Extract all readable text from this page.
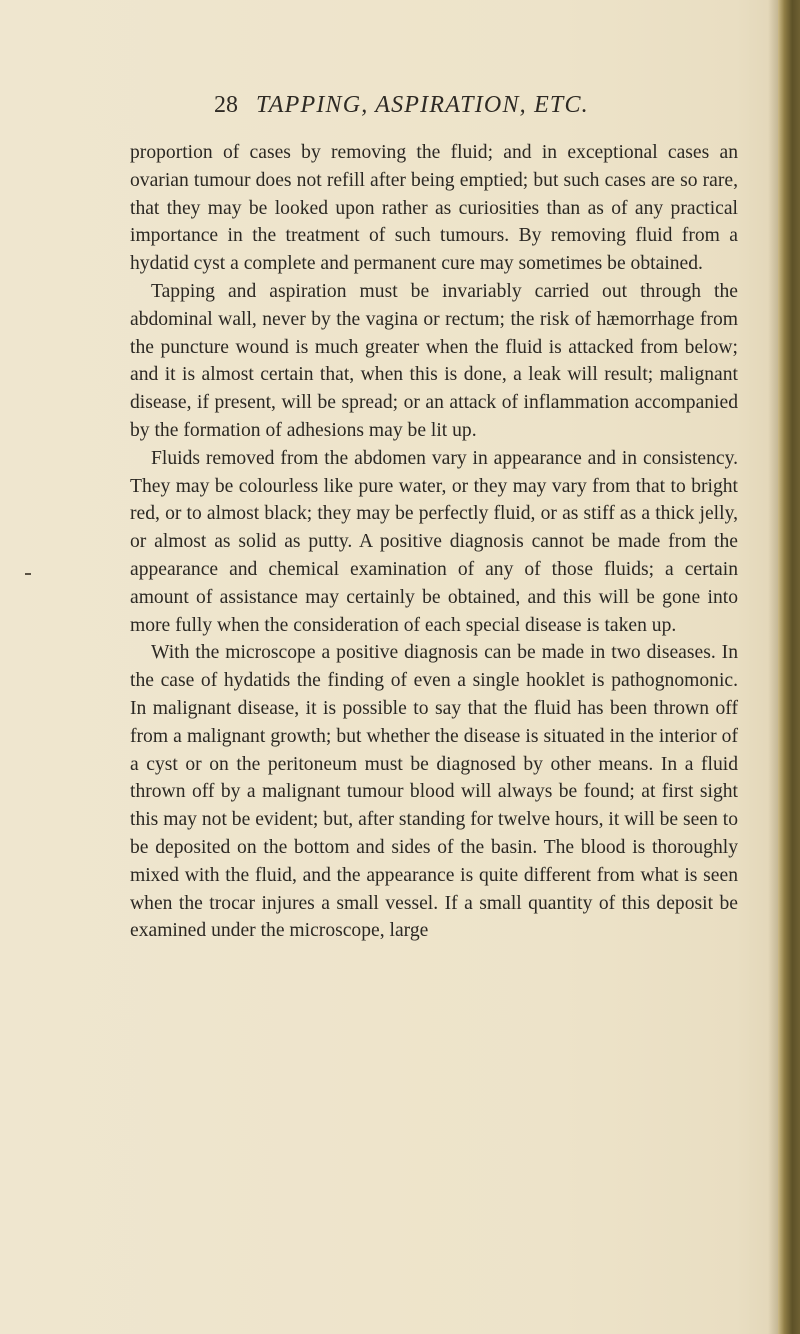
28 TAPPING, ASPIRATION, ETC.

proportion of cases by removing the fluid; and in exceptional cases an ovarian tumour does not refill after being emptied; but such cases are so rare, that they may be looked upon rather as curiosities than as of any practical importance in the treatment of such tumours. By removing fluid from a hydatid cyst a complete and permanent cure may sometimes be obtained.

Tapping and aspiration must be invariably carried out through the abdominal wall, never by the vagina or rectum; the risk of hæmorrhage from the puncture wound is much greater when the fluid is attacked from below; and it is almost certain that, when this is done, a leak will result; malignant disease, if present, will be spread; or an attack of inflammation accompanied by the formation of adhesions may be lit up.

Fluids removed from the abdomen vary in appearance and in consistency. They may be colourless like pure water, or they may vary from that to bright red, or to almost black; they may be perfectly fluid, or as stiff as a thick jelly, or almost as solid as putty. A positive diagnosis cannot be made from the appearance and chemical examination of any of those fluids; a certain amount of assistance may certainly be obtained, and this will be gone into more fully when the consideration of each special disease is taken up.

With the microscope a positive diagnosis can be made in two diseases. In the case of hydatids the finding of even a single hooklet is pathognomonic. In malignant disease, it is possible to say that the fluid has been thrown off from a malignant growth; but whether the disease is situated in the interior of a cyst or on the peritoneum must be diagnosed by other means. In a fluid thrown off by a malignant tumour blood will always be found; at first sight this may not be evident; but, after standing for twelve hours, it will be seen to be deposited on the bottom and sides of the basin. The blood is thoroughly mixed with the fluid, and the appearance is quite different from what is seen when the trocar injures a small vessel. If a small quantity of this deposit be examined under the microscope, large
